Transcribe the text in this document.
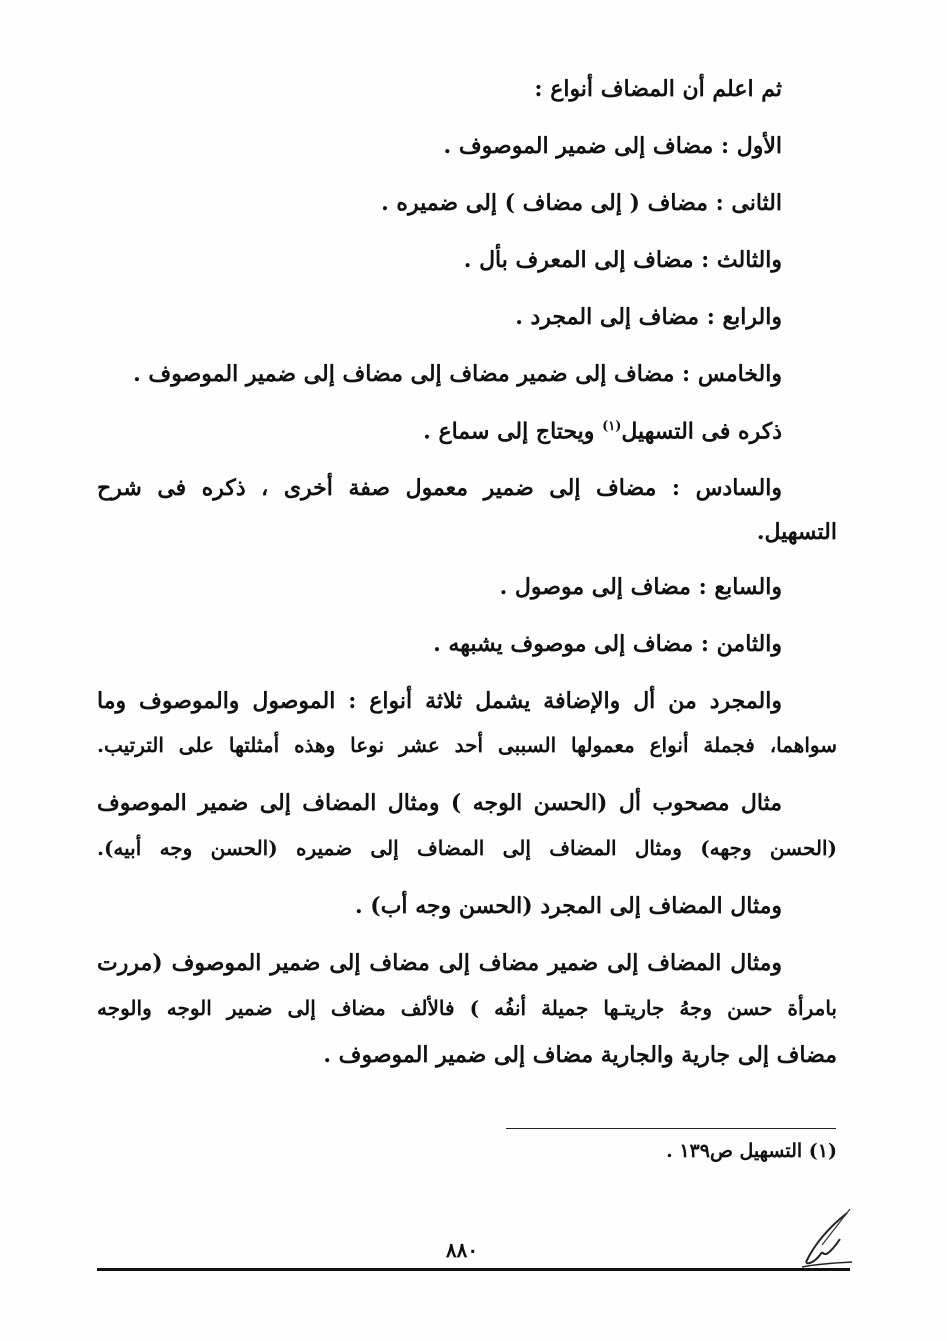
ثم اعلم أن المضاف أنواع :
الأول : مضاف إلى ضمير الموصوف .
الثانى : مضاف ( إلى مضاف ) إلى ضميره .
والثالث : مضاف إلى المعرف بأل .
والرابع : مضاف إلى المجرد .
والخامس : مضاف إلى ضمير مضاف إلى مضاف إلى ضمير الموصوف .
ذكره فى التسهيل$^{(١)}$ ويحتاج إلى سماع .
والسادس : مضاف إلى ضمير معمول صفة أخرى ، ذكره فى شرح
التسهيل.
والسابع : مضاف إلى موصول .
والثامن : مضاف إلى موصوف يشبهه .
والمجرد من أل والإضافة يشمل ثلاثة أنواع : الموصول والموصوف وما
سواهما، فجملة أنواع معمولها السببى أحد عشر نوعا وهذه أمثلتها على الترتيب.
مثال مصحوب أل (الحسن الوجه ) ومثال المضاف إلى ضمير الموصوف
(الحسن وجهه) ومثال المضاف إلى المضاف إلى ضميره (الحسن وجه أبيه).
ومثال المضاف إلى المجرد (الحسن وجه أب) .
ومثال المضاف إلى ضمير مضاف إلى مضاف إلى ضمير الموصوف (مررت
بامرأة حسن وجهُ جاريتـها جميلة أنفُه ) فالألف مضاف إلى ضمير الوجه والوجه
مضاف إلى جارية والجارية مضاف إلى ضمير الموصوف .
(١) التسهيل ص١٣٩ .
٨٨٠
